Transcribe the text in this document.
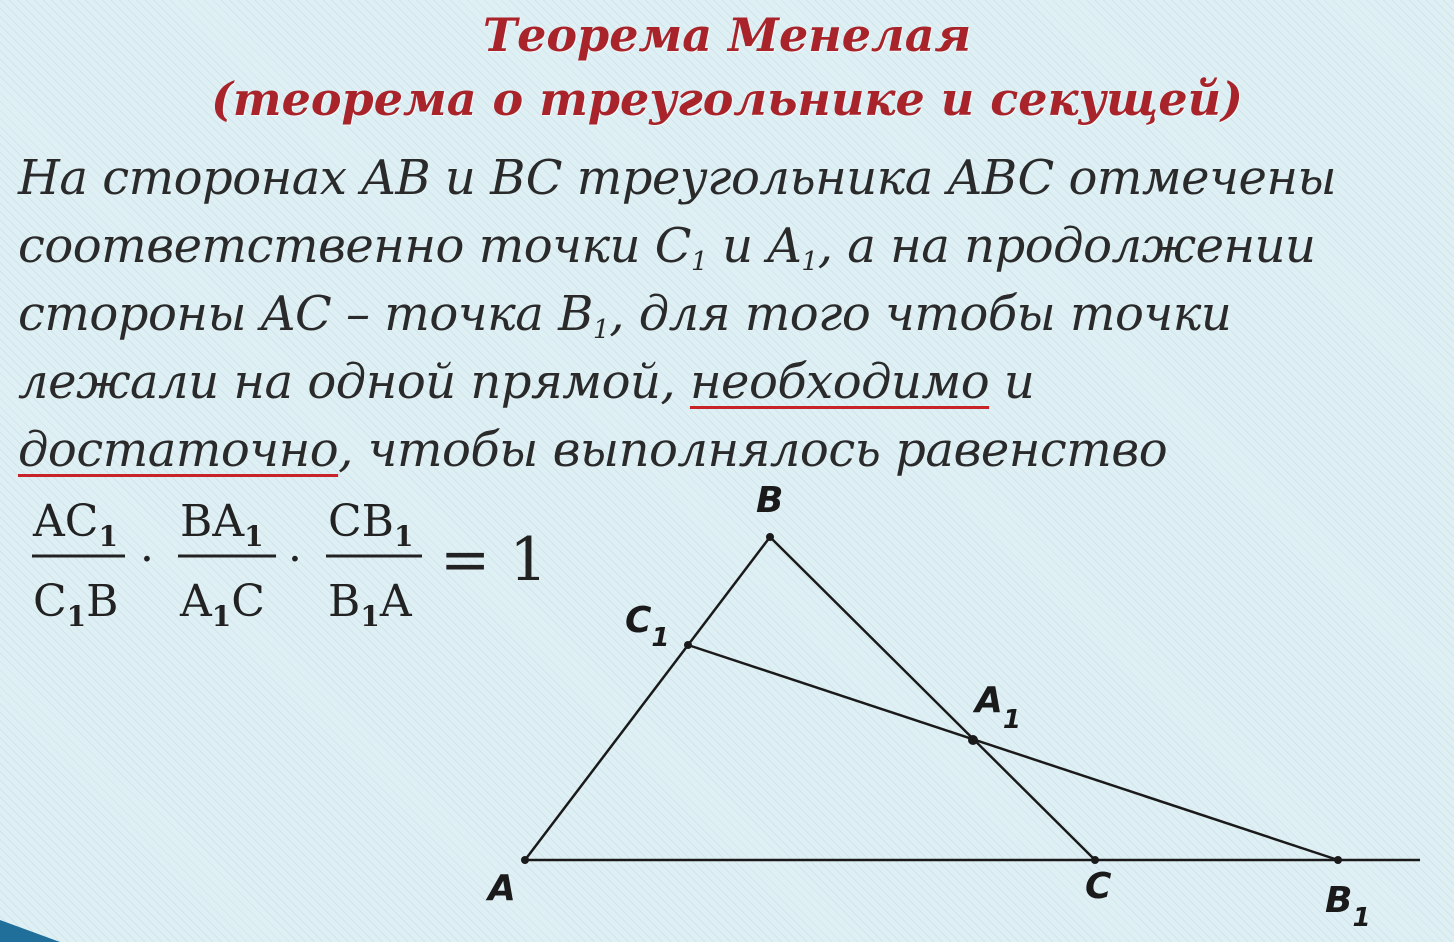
Теорема Менелая
(теорема о треугольнике и секущей)
На сторонах AB и BC треугольника ABC отмечены
соответственно точки $C_1$ и $A_1$, а на продолжении
стороны AC – точка $B_1$, для того чтобы точки
лежали на одной прямой, необходимо и
достаточно, чтобы выполнялось равенство
$AC_1$
$C_1B$
·
$BA_1$
$A_1C$
·
$CB_1$
$B_1A$
= 1
B
$C_1$
$A_1$
A	C	$B_1$
